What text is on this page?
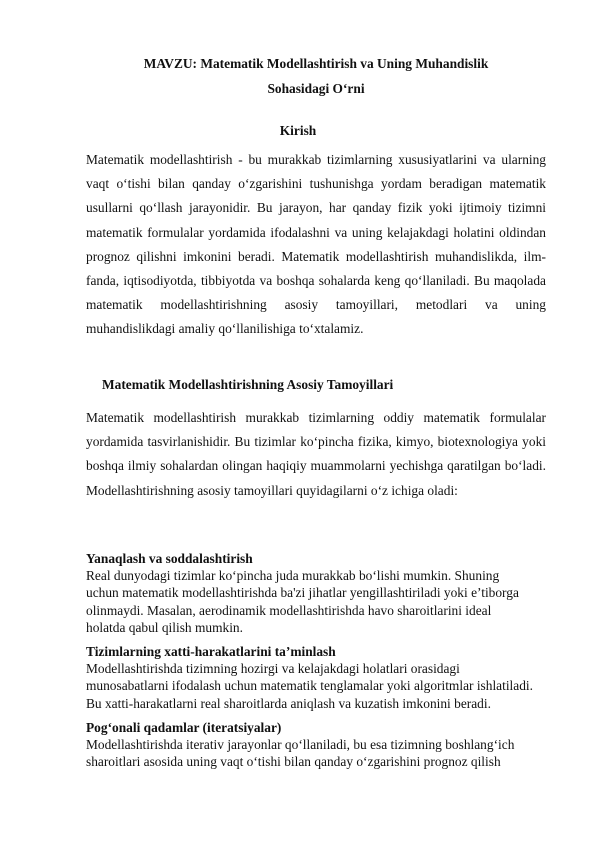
MAVZU: Matematik Modellashtirish va Uning Muhandislik
Sohasidagi O‘rni
Kirish

Matematik modellashtirish - bu murakkab tizimlarning xususiyatlarini va ularning vaqt o‘tishi bilan qanday o‘zgarishini tushunishga yordam beradigan matematik usullarni qo‘llash jarayonidir. Bu jarayon, har qanday fizik yoki ijtimoiy tizimni matematik formulalar yordamida ifodalashni va uning kelajakdagi holatini oldindan prognoz qilishni imkonini beradi. Matematik modellashtirish muhandislikda, ilm-fanda, iqtisodiyotda, tibbiyotda va boshqa sohalarda keng qo‘llaniladi. Bu maqolada matematik modellashtirishning asosiy tamoyillari, metodlari va uning muhandislikdagi amaliy qo‘llanilishiga to‘xtalamiz.

Matematik Modellashtirishning Asosiy Tamoyillari

Matematik modellashtirish murakkab tizimlarning oddiy matematik formulalar yordamida tasvirlanishidir. Bu tizimlar ko‘pincha fizika, kimyo, biotexnologiya yoki boshqa ilmiy sohalardan olingan haqiqiy muammolarni yechishga qaratilgan bo‘ladi. Modellashtirishning asosiy tamoyillari quyidagilarni o‘z ichiga oladi:

Yanaqlash va soddalashtirish
Real dunyodagi tizimlar ko‘pincha juda murakkab bo‘lishi mumkin. Shuning
uchun matematik modellashtirishda ba'zi jihatlar yengillashtiriladi yoki e’tiborga
olinmaydi. Masalan, aerodinamik modellashtirishda havo sharoitlarini ideal
holatda qabul qilish mumkin.
Tizimlarning xatti-harakatlarini ta’minlash
Modellashtirishda tizimning hozirgi va kelajakdagi holatlari orasidagi
munosabatlarni ifodalash uchun matematik tenglamalar yoki algoritmlar ishlatiladi.
Bu xatti-harakatlarni real sharoitlarda aniqlash va kuzatish imkonini beradi.
Pog‘onali qadamlar (iteratsiyalar)
Modellashtirishda iterativ jarayonlar qo‘llaniladi, bu esa tizimning boshlang‘ich
sharoitlari asosida uning vaqt o‘tishi bilan qanday o‘zgarishini prognoz qilish
